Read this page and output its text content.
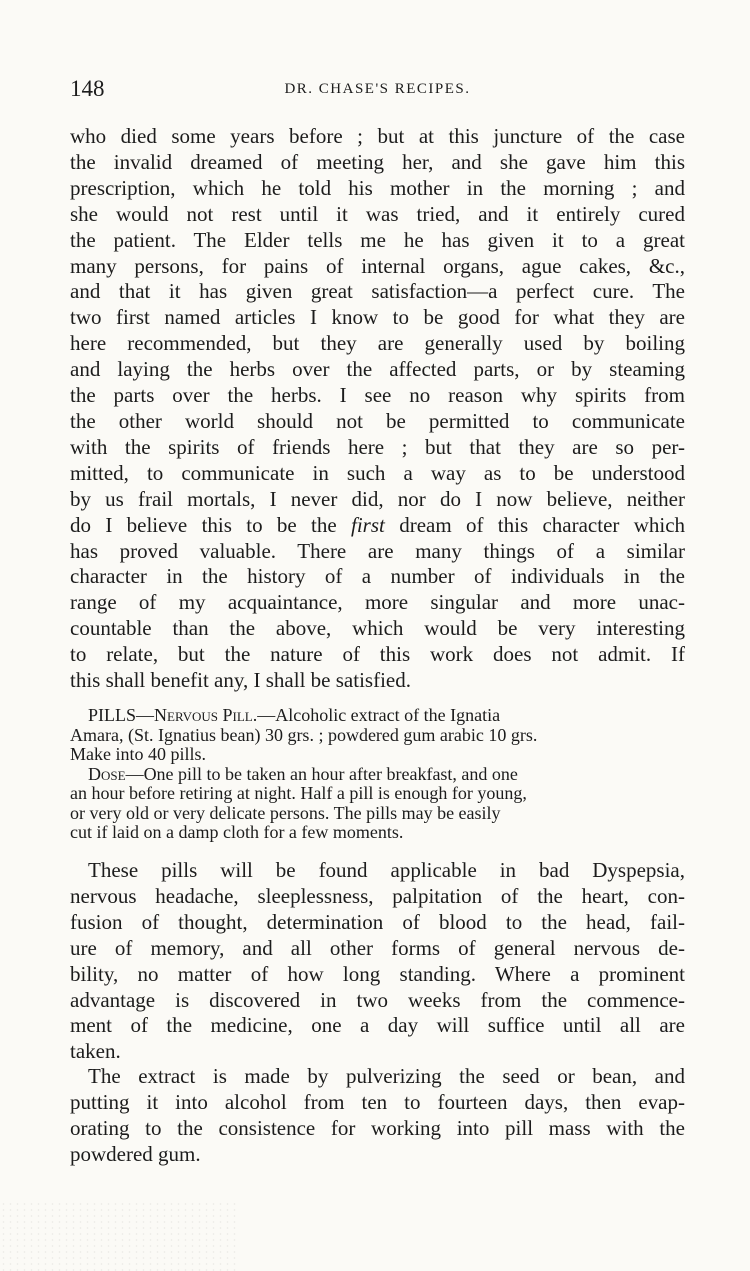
148	DR. CHASE'S RECIPES.
who died some years before ; but at this juncture of the case
the invalid dreamed of meeting her, and she gave him this
prescription, which he told his mother in the morning ; and
she would not rest until it was tried, and it entirely cured
the patient. The Elder tells me he has given it to a great
many persons, for pains of internal organs, ague cakes, &c.,
and that it has given great satisfaction—a perfect cure. The
two first named articles I know to be good for what they are
here recommended, but they are generally used by boiling
and laying the herbs over the affected parts, or by steaming
the parts over the herbs. I see no reason why spirits from
the other world should not be permitted to communicate
with the spirits of friends here ; but that they are so per-
mitted, to communicate in such a way as to be understood
by us frail mortals, I never did, nor do I now believe, neither
do I believe this to be the first dream of this character which
has proved valuable. There are many things of a similar
character in the history of a number of individuals in the
range of my acquaintance, more singular and more unac-
countable than the above, which would be very interesting
to relate, but the nature of this work does not admit. If
this shall benefit any, I shall be satisfied.

PILLS—Nervous Pill.—Alcoholic extract of the Ignatia

Amara, (St. Ignatius bean) 30 grs. ; powdered gum arabic 10 grs.

Make into 40 pills.

Dose—One pill to be taken an hour after breakfast, and one

an hour before retiring at night. Half a pill is enough for young,

or very old or very delicate persons. The pills may be easily

cut if laid on a damp cloth for a few moments.

These pills will be found applicable in bad Dyspepsia,
nervous headache, sleeplessness, palpitation of the heart, con-
fusion of thought, determination of blood to the head, fail-
ure of memory, and all other forms of general nervous de-
bility, no matter of how long standing. Where a prominent
advantage is discovered in two weeks from the commence-
ment of the medicine, one a day will suffice until all are
taken.
The extract is made by pulverizing the seed or bean, and
putting it into alcohol from ten to fourteen days, then evap-
orating to the consistence for working into pill mass with the
powdered gum.
